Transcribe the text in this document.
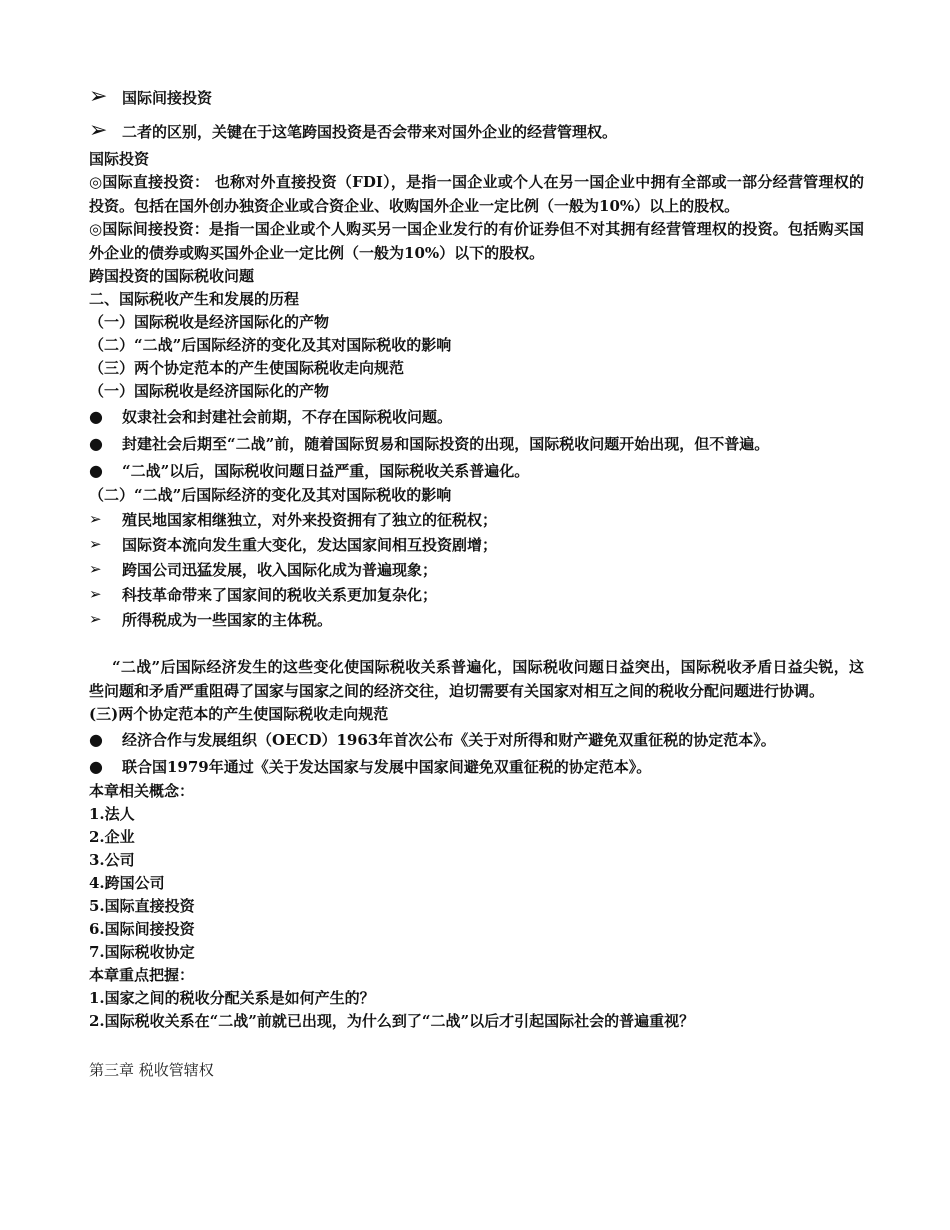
➢ 国际间接投资
➢ 二者的区别，关键在于这笔跨国投资是否会带来对国外企业的经营管理权。
国际投资
◎国际直接投资： 也称对外直接投资（FDI），是指一国企业或个人在另一国企业中拥有全部或一部分经营管理权的投资。包括在国外创办独资企业或合资企业、收购国外企业一定比例（一般为10%）以上的股权。
◎国际间接投资：是指一国企业或个人购买另一国企业发行的有价证券但不对其拥有经营管理权的投资。包括购买国外企业的债券或购买国外企业一定比例（一般为10%）以下的股权。
跨国投资的国际税收问题
二、国际税收产生和发展的历程
（一）国际税收是经济国际化的产物
（二）“二战”后国际经济的变化及其对国际税收的影响
（三）两个协定范本的产生使国际税收走向规范
（一）国际税收是经济国际化的产物
●	奴隶社会和封建社会前期，不存在国际税收问题。
●	封建社会后期至“二战”前，随着国际贸易和国际投资的出现，国际税收问题开始出现，但不普遍。
●	“二战”以后，国际税收问题日益严重，国际税收关系普遍化。
（二）“二战”后国际经济的变化及其对国际税收的影响
➢	殖民地国家相继独立，对外来投资拥有了独立的征税权；
➢	国际资本流向发生重大变化，发达国家间相互投资剧增；
➢	跨国公司迅猛发展，收入国际化成为普遍现象；
➢	科技革命带来了国家间的税收关系更加复杂化；
➢	所得税成为一些国家的主体税。
“二战”后国际经济发生的这些变化使国际税收关系普遍化，国际税收问题日益突出，国际税收矛盾日益尖锐，这些问题和矛盾严重阻碍了国家与国家之间的经济交往，迫切需要有关国家对相互之间的税收分配问题进行协调。
(三)两个协定范本的产生使国际税收走向规范
●	经济合作与发展组织（OECD）1963年首次公布《关于对所得和财产避免双重征税的协定范本》。
●	联合国1979年通过《关于发达国家与发展中国家间避免双重征税的协定范本》。
本章相关概念：
1.法人
2.企业
3.公司
4.跨国公司
5.国际直接投资
6.国际间接投资
7.国际税收协定
本章重点把握：
1.国家之间的税收分配关系是如何产生的？
2.国际税收关系在“二战”前就已出现，为什么到了“二战”以后才引起国际社会的普遍重视？
第三章 税收管辖权
